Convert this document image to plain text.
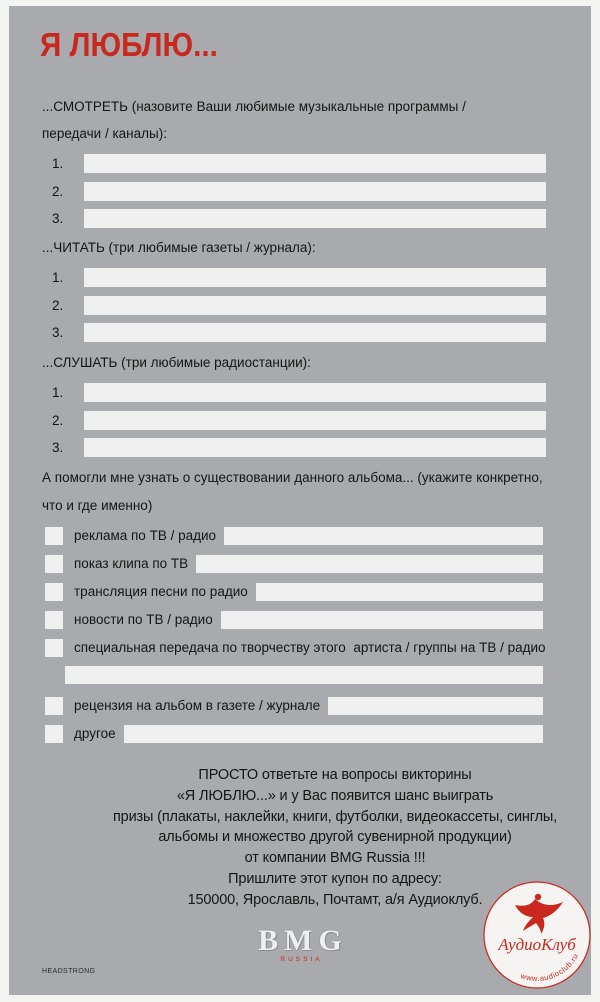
Я ЛЮБЛЮ...
...СМОТРЕТЬ (назовите Ваши любимые музыкальные программы /
передачи / каналы):
1.
2.
3.
...ЧИТАТЬ (три любимые газеты / журнала):
1.
2.
3.
...СЛУШАТЬ (три любимые радиостанции):
1.
2.
3.
А помогли мне узнать о существовании данного альбома... (укажите конкретно,
что и где именно)
реклама по ТВ / радио
показ клипа по ТВ
трансляция песни по радио
новости по ТВ / радио
специальная передача по творчеству этого  артиста / группы на ТВ / радио
рецензия на альбом в газете / журнале
другое
ПРОСТО ответьте на вопросы викторины
«Я ЛЮБЛЮ...» и у Вас появится шанс выиграть
призы (плакаты, наклейки, книги, футболки, видеокассеты, синглы,
альбомы и множество другой сувенирной продукции)
от компании BMG Russia !!!
Пришлите этот купон по адресу:
150000, Ярославль, Почтамт, а/я Аудиоклуб.
BMG
RUSSIA
HEADSTRONG
АудиоКлуб
www.audioclub.ru
